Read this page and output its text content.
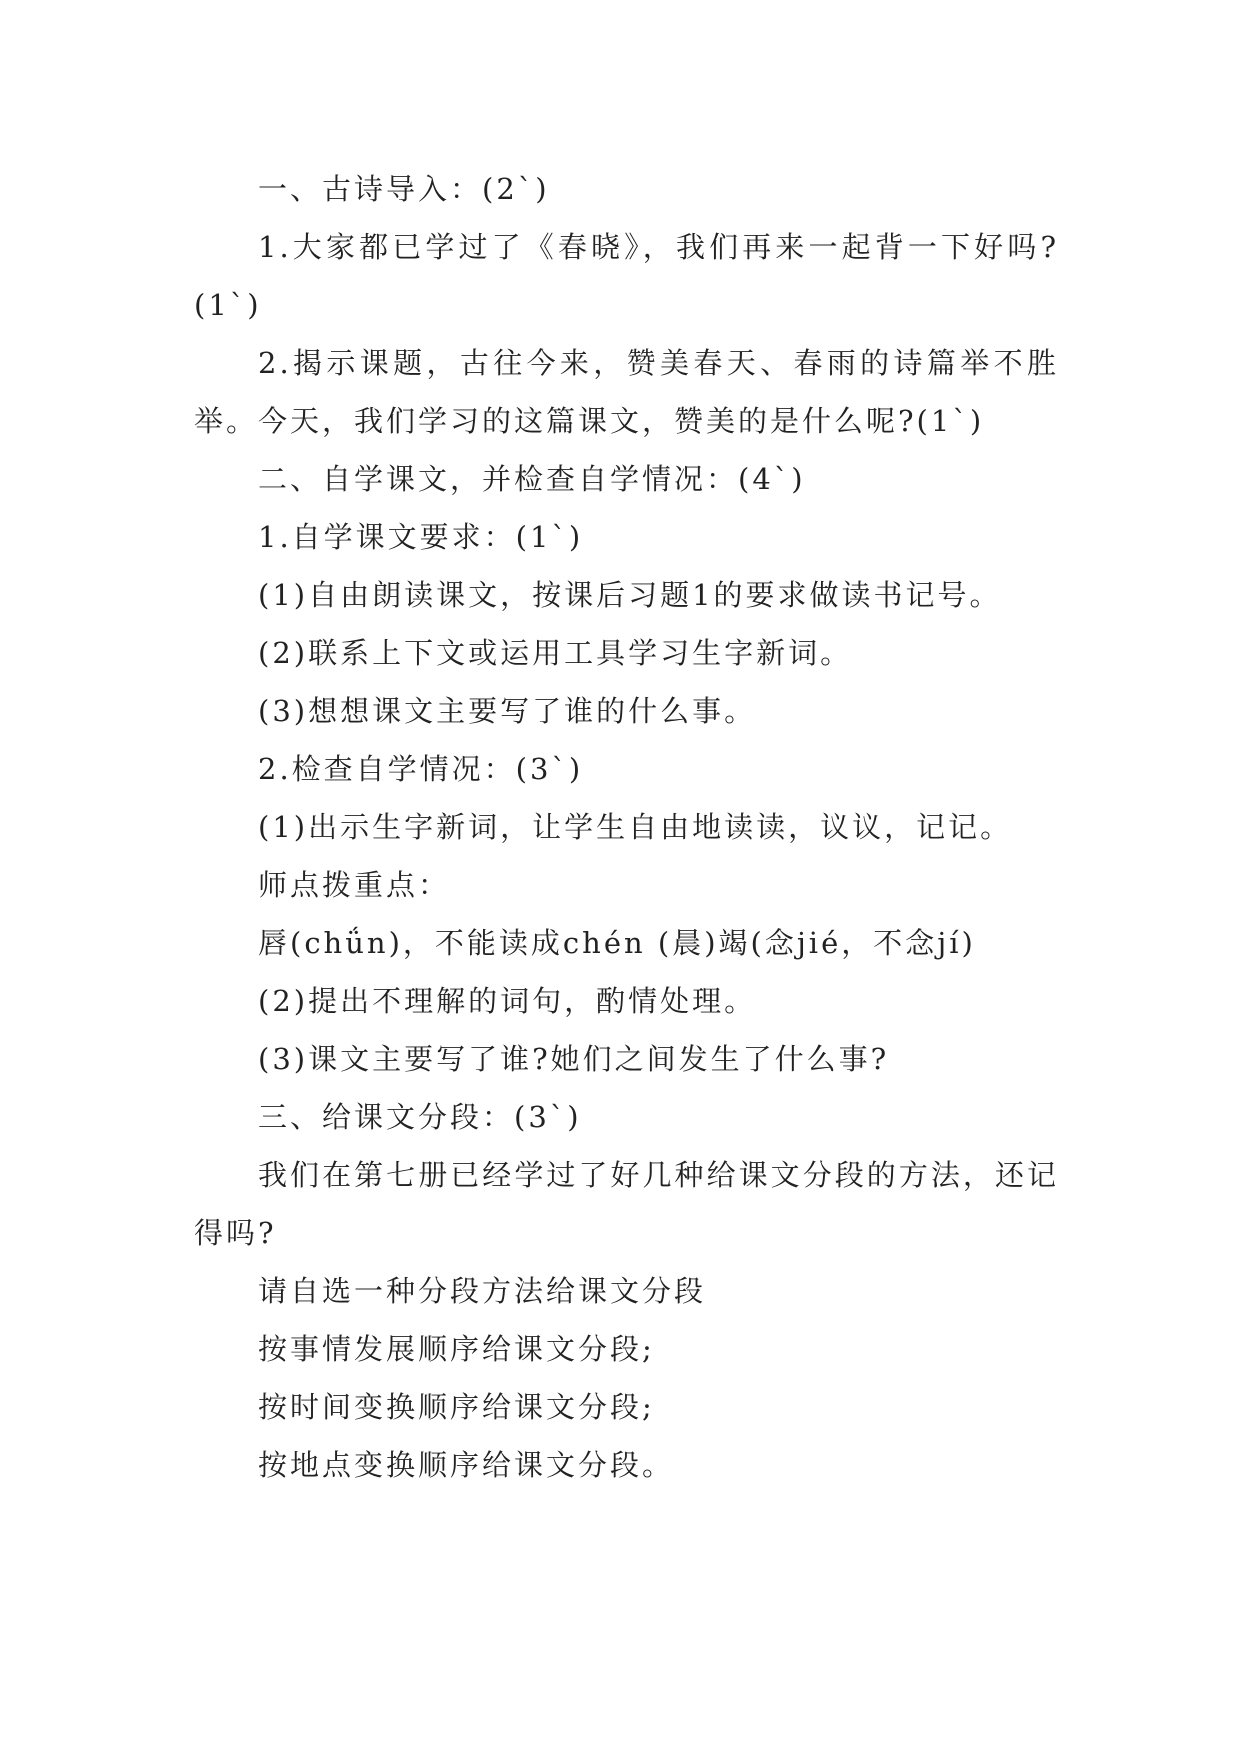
一、古诗导入：(2`)

1.大家都已学过了《春晓》，我们再来一起背一下好吗?(1`)

2.揭示课题，古往今来，赞美春天、春雨的诗篇举不胜举。今天，我们学习的这篇课文，赞美的是什么呢?(1`)

二、自学课文，并检查自学情况：(4`)

1.自学课文要求：(1`)

(1)自由朗读课文，按课后习题1的要求做读书记号。

(2)联系上下文或运用工具学习生字新词。

(3)想想课文主要写了谁的什么事。

2.检查自学情况：(3`)

(1)出示生字新词，让学生自由地读读，议议，记记。

师点拨重点：

唇(chǘn)，不能读成chén (晨)竭(念jié，不念jí)

(2)提出不理解的词句，酌情处理。

(3)课文主要写了谁?她们之间发生了什么事?

三、给课文分段：(3`)

我们在第七册已经学过了好几种给课文分段的方法，还记得吗?

请自选一种分段方法给课文分段

按事情发展顺序给课文分段;

按时间变换顺序给课文分段;

按地点变换顺序给课文分段。
